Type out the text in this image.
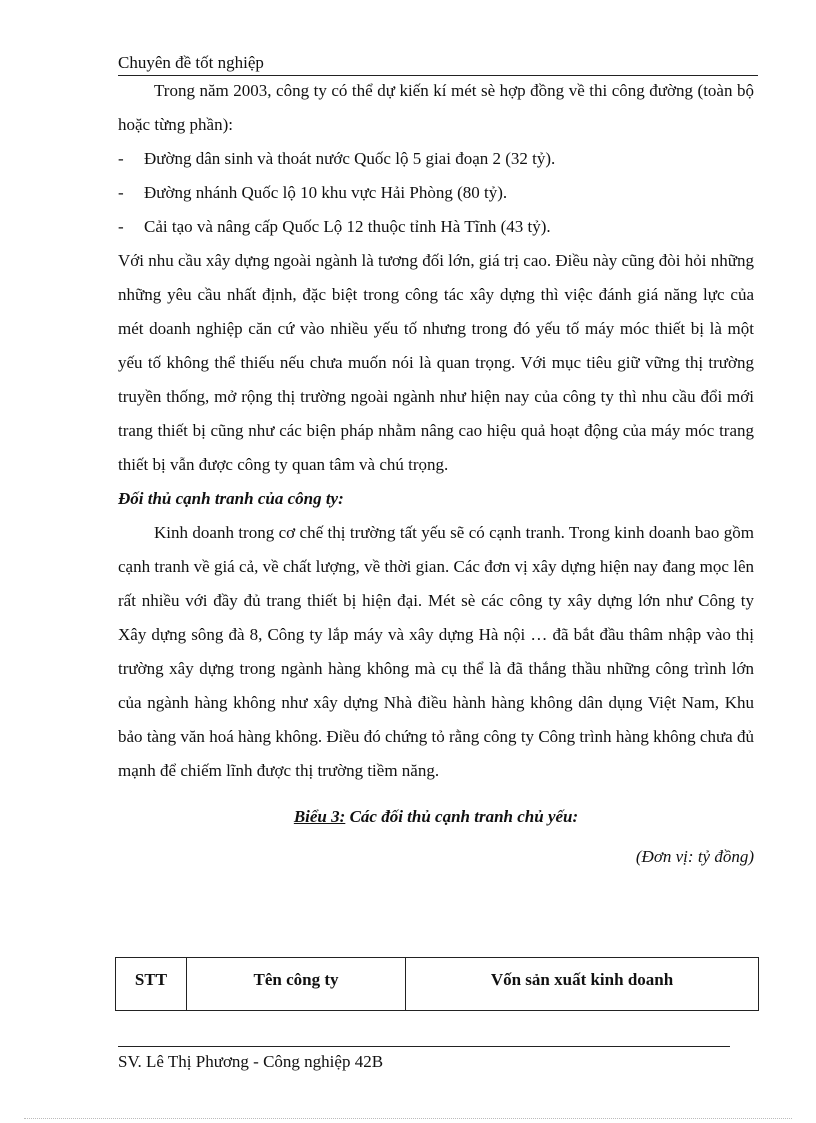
Chuyên đề tốt nghiệp

Trong năm 2003, công ty có thể dự kiến kí mét sè hợp đồng về thi công đường (toàn bộ hoặc từng phần):

-	Đường dân sinh và thoát nước Quốc lộ 5 giai đoạn 2 (32 tỷ).
-	Đường nhánh Quốc lộ 10 khu vực Hải Phòng (80 tỷ).
-	Cải tạo và nâng cấp Quốc Lộ 12 thuộc tỉnh Hà Tĩnh (43 tỷ).

Với nhu cầu xây dựng ngoài ngành là tương đối lớn, giá trị cao. Điều này cũng đòi hỏi những những yêu cầu nhất định, đặc biệt trong công tác xây dựng thì việc đánh giá năng lực của mét doanh nghiệp căn cứ vào nhiều yếu tố nhưng trong đó yếu tố máy móc thiết bị là một yếu tố không thể thiếu nếu chưa muốn nói là quan trọng. Với mục tiêu giữ vững thị trường truyền thống, mở rộng thị trường ngoài ngành như hiện nay của công ty thì nhu cầu đổi mới trang thiết bị cũng như các biện pháp nhằm nâng cao hiệu quả hoạt động của máy móc trang thiết bị vẫn được công ty quan tâm và chú trọng.

Đối thủ cạnh tranh của công ty:

Kinh doanh trong cơ chế thị trường tất yếu sẽ có cạnh tranh. Trong kinh doanh bao gồm cạnh tranh về giá cả, về chất lượng, về thời gian. Các đơn vị xây dựng hiện nay đang mọc lên rất nhiều với đầy đủ trang thiết bị hiện đại. Mét sè các công ty xây dựng lớn như Công ty Xây dựng sông đà 8, Công ty lắp máy và xây dựng Hà nội … đã bắt đầu thâm nhập vào thị trường xây dựng trong ngành hàng không mà cụ thể là đã thắng thầu những công trình lớn của ngành hàng không như xây dựng Nhà điều hành hàng không dân dụng Việt Nam, Khu bảo tàng văn hoá hàng không. Điều đó chứng tỏ rằng công ty Công trình hàng không chưa đủ mạnh để chiếm lĩnh được thị trường tiềm năng.

Biểu 3: Các đối thủ cạnh tranh chủ yếu:
(Đơn vị: tỷ đồng)
STT	Tên công ty	Vốn sản xuất kinh doanh
SV. Lê Thị Phương - Công nghiệp 42B
